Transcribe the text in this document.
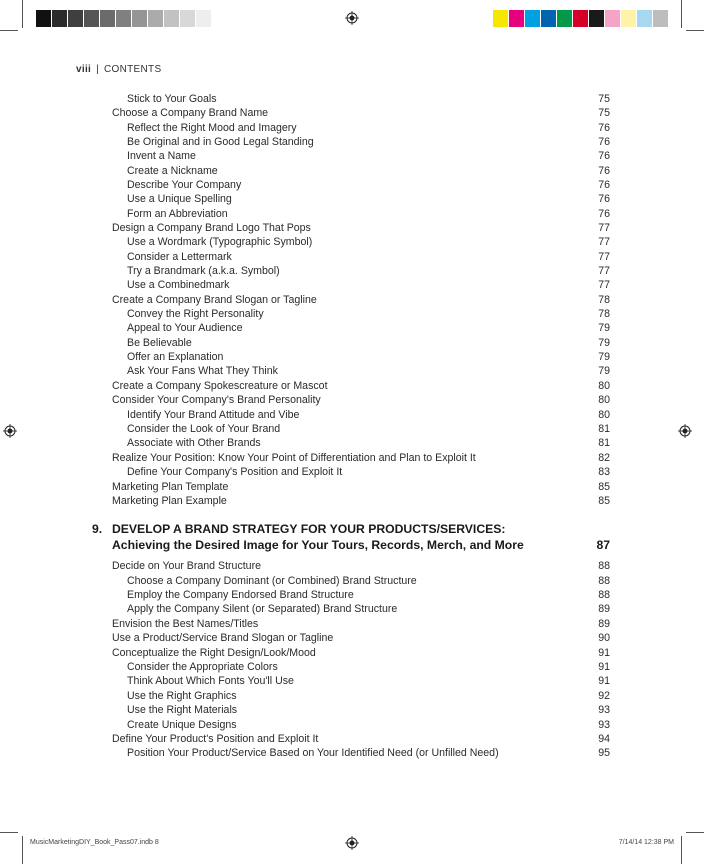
viii | CONTENTS
Stick to Your Goals	75
Choose a Company Brand Name	75
Reflect the Right Mood and Imagery	76
Be Original and in Good Legal Standing	76
Invent a Name	76
Create a Nickname	76
Describe Your Company	76
Use a Unique Spelling	76
Form an Abbreviation	76
Design a Company Brand Logo That Pops	77
Use a Wordmark (Typographic Symbol)	77
Consider a Lettermark	77
Try a Brandmark (a.k.a. Symbol)	77
Use a Combinedmark	77
Create a Company Brand Slogan or Tagline	78
Convey the Right Personality	78
Appeal to Your Audience	79
Be Believable	79
Offer an Explanation	79
Ask Your Fans What They Think	79
Create a Company Spokescreature or Mascot	80
Consider Your Company's Brand Personality	80
Identify Your Brand Attitude and Vibe	80
Consider the Look of Your Brand	81
Associate with Other Brands	81
Realize Your Position: Know Your Point of Differentiation and Plan to Exploit It	82
Define Your Company's Position and Exploit It	83
Marketing Plan Template	85
Marketing Plan Example	85
9. DEVELOP A BRAND STRATEGY FOR YOUR PRODUCTS/SERVICES:
Achieving the Desired Image for Your Tours, Records, Merch, and More	87
Decide on Your Brand Structure	88
Choose a Company Dominant (or Combined) Brand Structure	88
Employ the Company Endorsed Brand Structure	88
Apply the Company Silent (or Separated) Brand Structure	89
Envision the Best Names/Titles	89
Use a Product/Service Brand Slogan or Tagline	90
Conceptualize the Right Design/Look/Mood	91
Consider the Appropriate Colors	91
Think About Which Fonts You'll Use	91
Use the Right Graphics	92
Use the Right Materials	93
Create Unique Designs	93
Define Your Product's Position and Exploit It	94
Position Your Product/Service Based on Your Identified Need (or Unfilled Need)	95
MusicMarketingDIY_Book_Pass07.indb 8	7/14/14 12:38 PM
